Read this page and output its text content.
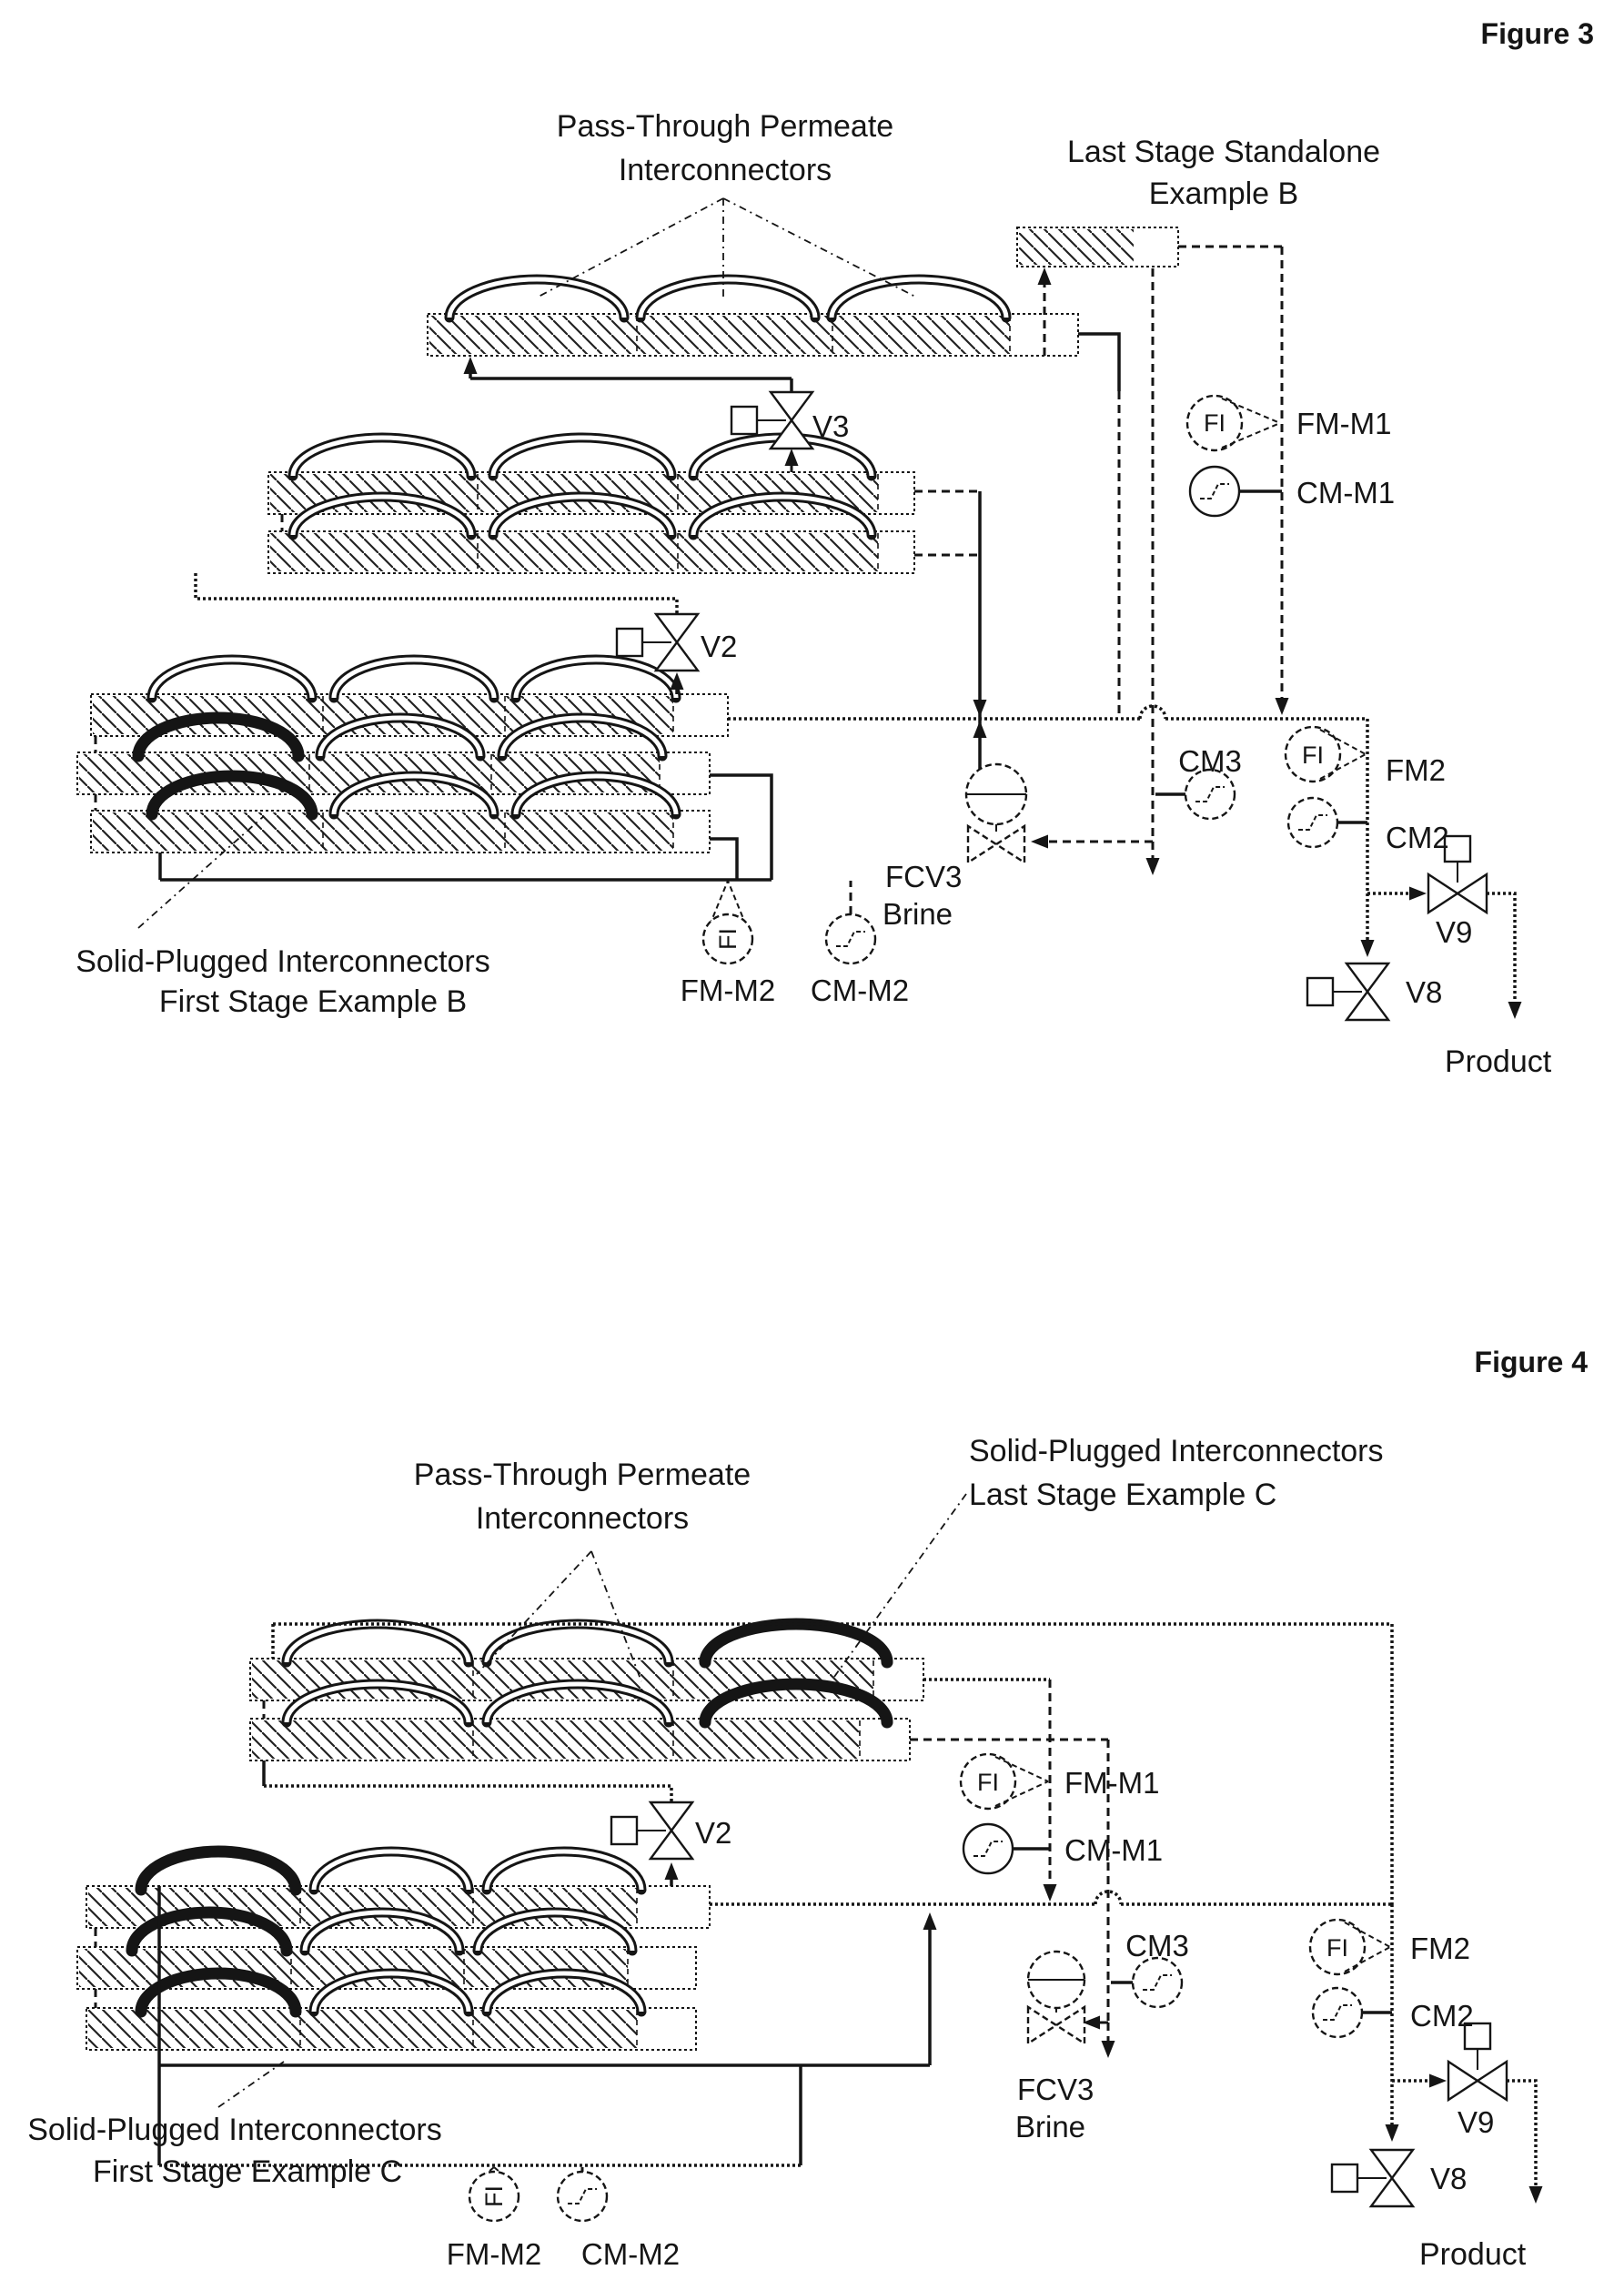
Figure 3
Pass-Through Permeate
Interconnectors
Last Stage Standalone
Example B
V3
V2
FM-M1
CM-M1
FI
CM3
FCV3
Brine
FI FM2
CM2
V9
V8
Product
FI
FM-M2 CM-M2
Solid-Plugged Interconnectors
First Stage Example B
Figure 4
Pass-Through Permeate
Interconnectors
Solid-Plugged Interconnectors
Last Stage Example C
V2
FI FM-M1
CM-M1
CM3
FCV3
Brine
FI FM2
CM2
V9
V8
Product
FI
FM-M2 CM-M2
Solid-Plugged Interconnectors
First Stage Example C
